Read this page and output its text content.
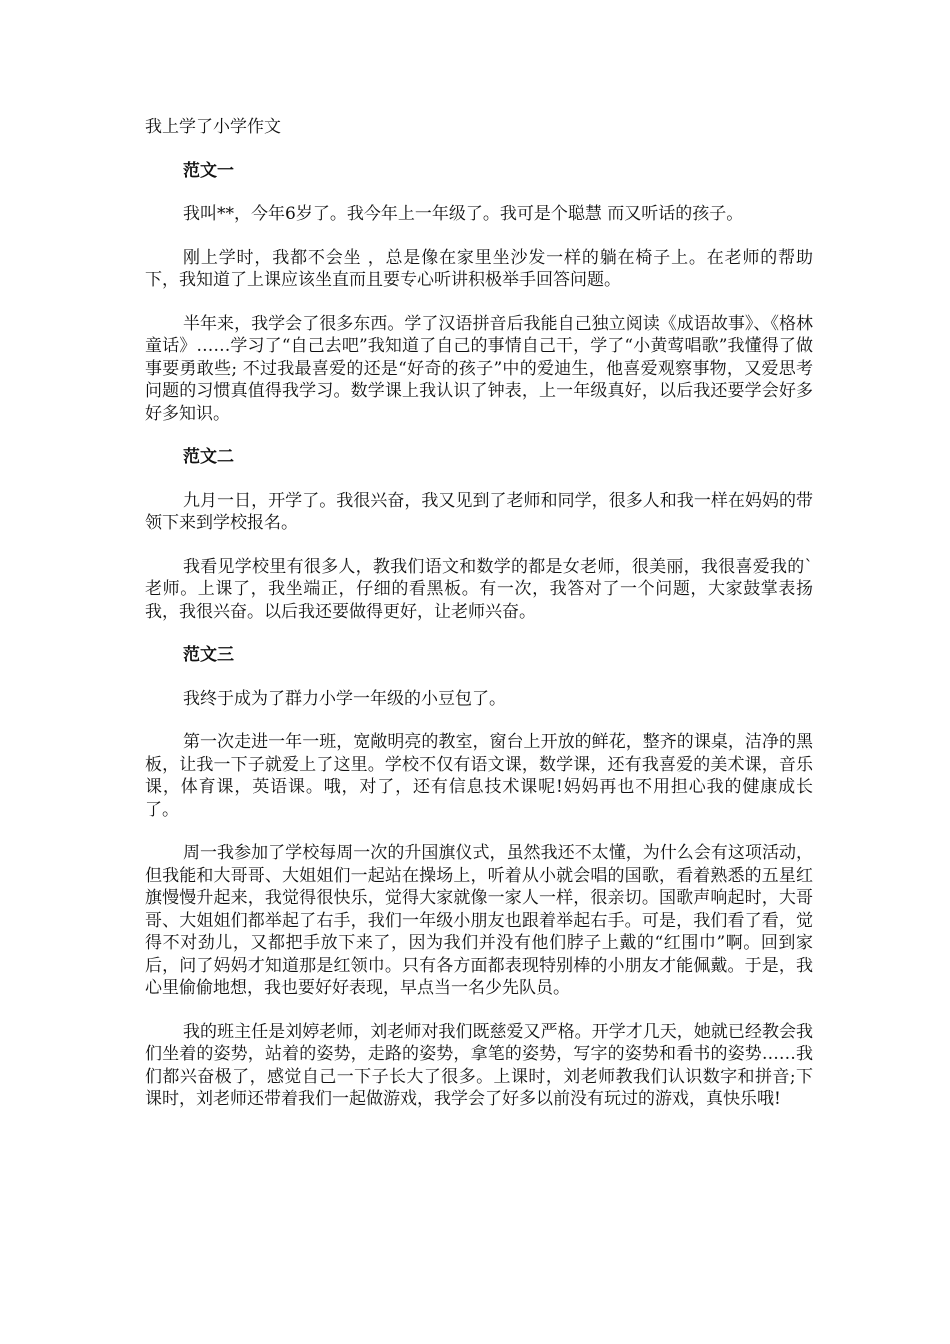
我上学了小学作文
范文一

我叫**，今年6岁了。我今年上一年级了。我可是个聪慧 而又听话的孩子。

刚上学时，我都不会坐 ，总是像在家里坐沙发一样的躺在椅子上。在老师的帮助下，我知道了上课应该坐直而且要专心听讲积极举手回答问题。

半年来，我学会了很多东西。学了汉语拼音后我能自己独立阅读《成语故事》、《格林童话》……学习了“自己去吧”我知道了自己的事情自己干，学了“小黄莺唱歌”我懂得了做事要勇敢些; 不过我最喜爱的还是“好奇的孩子”中的爱迪生，他喜爱观察事物，又爱思考问题的习惯真值得我学习。数学课上我认识了钟表，上一年级真好，以后我还要学会好多好多知识。

范文二

九月一日，开学了。我很兴奋，我又见到了老师和同学，很多人和我一样在妈妈的带领下来到学校报名。

我看见学校里有很多人，教我们语文和数学的都是女老师，很美丽，我很喜爱我的`老师。上课了，我坐端正，仔细的看黑板。有一次，我答对了一个问题，大家鼓掌表扬我，我很兴奋。以后我还要做得更好，让老师兴奋。

范文三

我终于成为了群力小学一年级的小豆包了。

第一次走进一年一班，宽敞明亮的教室，窗台上开放的鲜花，整齐的课桌，洁净的黑板，让我一下子就爱上了这里。学校不仅有语文课，数学课，还有我喜爱的美术课，音乐课，体育课，英语课。哦，对了，还有信息技术课呢!妈妈再也不用担心我的健康成长了。

周一我参加了学校每周一次的升国旗仪式，虽然我还不太懂，为什么会有这项活动，但我能和大哥哥、大姐姐们一起站在操场上，听着从小就会唱的国歌，看着熟悉的五星红旗慢慢升起来，我觉得很快乐，觉得大家就像一家人一样，很亲切。国歌声响起时，大哥哥、大姐姐们都举起了右手，我们一年级小朋友也跟着举起右手。可是，我们看了看，觉得不对劲儿，又都把手放下来了，因为我们并没有他们脖子上戴的“红围巾”啊。回到家后，问了妈妈才知道那是红领巾。只有各方面都表现特别棒的小朋友才能佩戴。于是，我心里偷偷地想，我也要好好表现，早点当一名少先队员。

我的班主任是刘婷老师，刘老师对我们既慈爱又严格。开学才几天，她就已经教会我们坐着的姿势，站着的姿势，走路的姿势，拿笔的姿势，写字的姿势和看书的姿势……我们都兴奋极了，感觉自己一下子长大了很多。上课时，刘老师教我们认识数字和拼音;下课时，刘老师还带着我们一起做游戏，我学会了好多以前没有玩过的游戏，真快乐哦!
